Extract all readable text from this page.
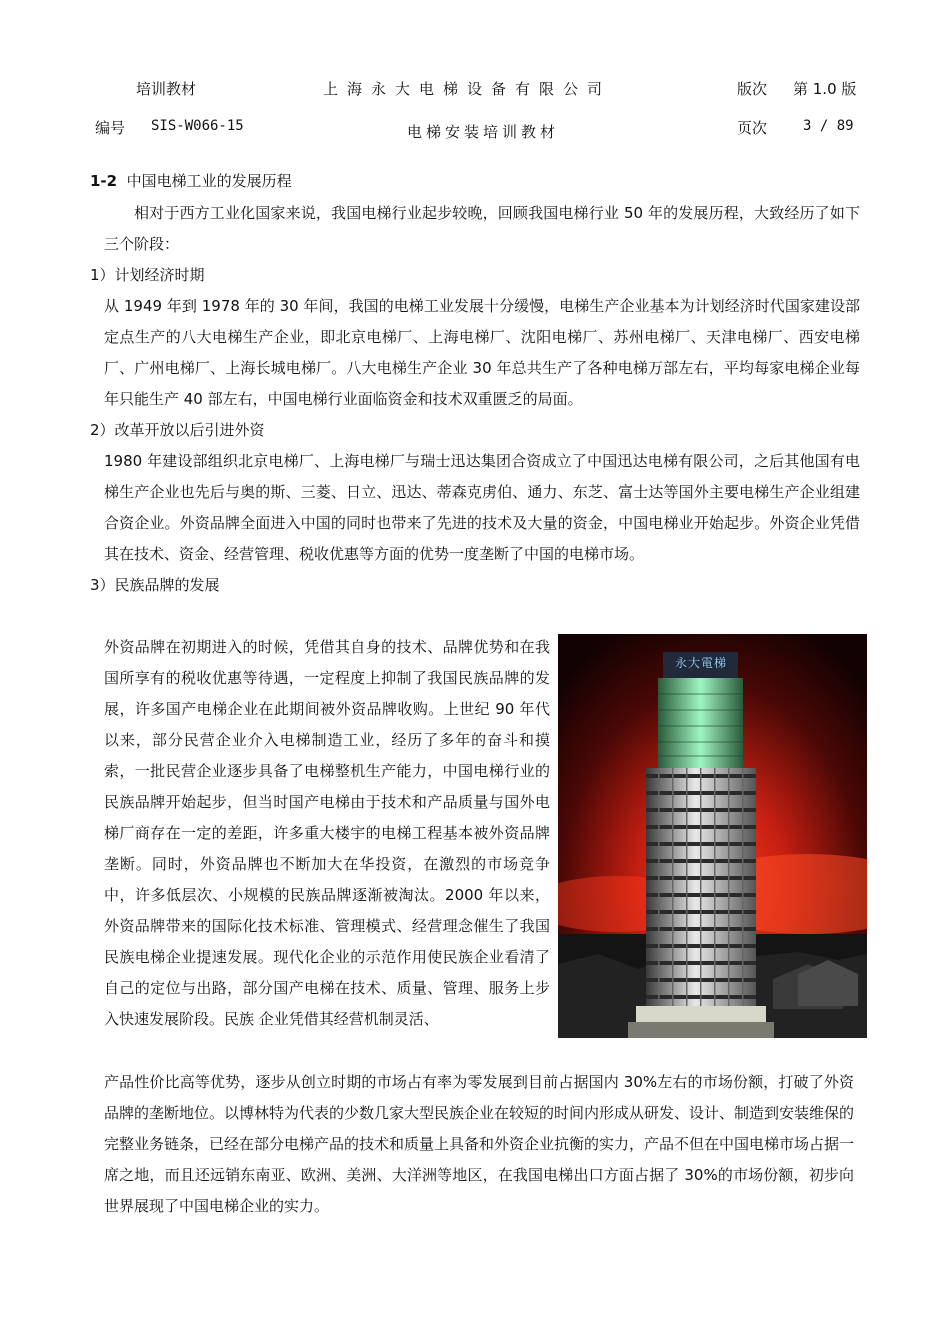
培训教材	上海永大电梯设备有限公司	版次 第 1.0 版
编号 SIS-W066-15	电梯安装培训教材	页次	3 / 89
1-2 中国电梯工业的发展历程

相对于西方工业化国家来说，我国电梯行业起步较晚，回顾我国电梯行业 50 年的发展历程，大致经历了如下三个阶段：

1）计划经济时期

从 1949 年到 1978 年的 30 年间，我国的电梯工业发展十分缓慢，电梯生产企业基本为计划经济时代国家建设部定点生产的八大电梯生产企业，即北京电梯厂、上海电梯厂、沈阳电梯厂、苏州电梯厂、天津电梯厂、西安电梯厂、广州电梯厂、上海长城电梯厂。八大电梯生产企业 30 年总共生产了各种电梯万部左右，平均每家电梯企业每年只能生产 40 部左右，中国电梯行业面临资金和技术双重匮乏的局面。

2）改革开放以后引进外资

1980 年建设部组织北京电梯厂、上海电梯厂与瑞士迅达集团合资成立了中国迅达电梯有限公司，之后其他国有电梯生产企业也先后与奥的斯、三菱、日立、迅达、蒂森克虏伯、通力、东芝、富士达等国外主要电梯生产企业组建合资企业。外资品牌全面进入中国的同时也带来了先进的技术及大量的资金，中国电梯业开始起步。外资企业凭借其在技术、资金、经营管理、税收优惠等方面的优势一度垄断了中国的电梯市场。

3）民族品牌的发展

外资品牌在初期进入的时候，凭借其自身的技术、品牌优势和在我国所享有的税收优惠等待遇，一定程度上抑制了我国民族品牌的发展，许多国产电梯企业在此期间被外资品牌收购。上世纪 90 年代以来，部分民营企业介入电梯制造工业，经历了多年的奋斗和摸索，一批民营企业逐步具备了电梯整机生产能力，中国电梯行业的民族品牌开始起步，但当时国产电梯由于技术和产品质量与国外电梯厂商存在一定的差距，许多重大楼宇的电梯工程基本被外资品牌垄断。同时，外资品牌也不断加大在华投资，在激烈的市场竞争中，许多低层次、小规模的民族品牌逐渐被淘汰。2000 年以来，外资品牌带来的国际化技术标准、管理模式、经营理念催生了我国民族电梯企业提速发展。现代化企业的示范作用使民族企业看清了自己的定位与出路，部分国产电梯在技术、质量、管理、服务上步入快速发展阶段。民族 企业凭借其经营机制灵活、

产品性价比高等优势，逐步从创立时期的市场占有率为零发展到目前占据国内 30%左右的市场份额，打破了外资品牌的垄断地位。以博林特为代表的少数几家大型民族企业在较短的时间内形成从研发、设计、制造到安装维保的完整业务链条，已经在部分电梯产品的技术和质量上具备和外资企业抗衡的实力，产品不但在中国电梯市场占据一席之地，而且还远销东南亚、欧洲、美洲、大洋洲等地区，在我国电梯出口方面占据了 30%的市场份额，初步向 世界展现了中国电梯企业的实力。

永大電梯
